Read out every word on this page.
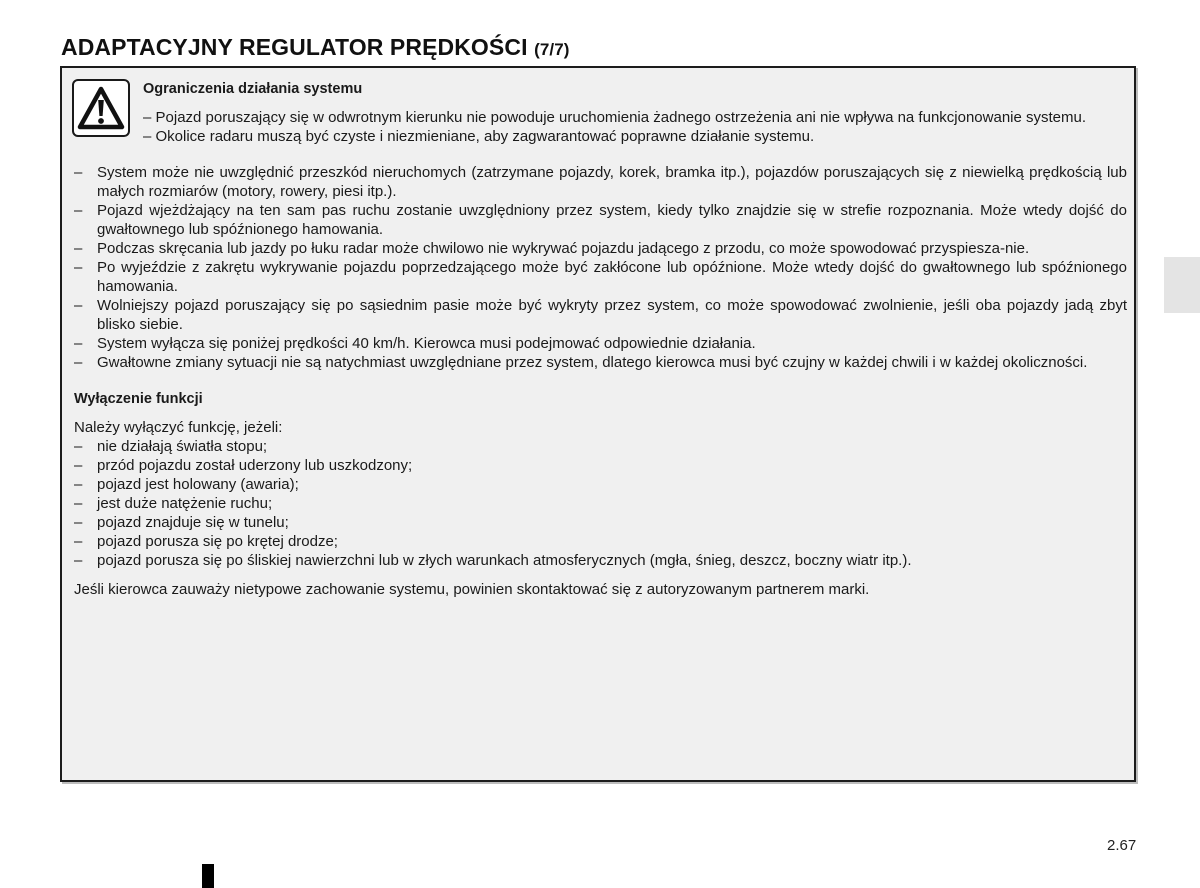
ADAPTACYJNY REGULATOR PRĘDKOŚCI (7/7)
Ograniczenia działania systemu

– Pojazd poruszający się w odwrotnym kierunku nie powoduje uruchomienia żadnego ostrzeżenia ani nie wpływa na funkcjonowanie systemu.

– Okolice radaru muszą być czyste i niezmieniane, aby zagwarantować poprawne działanie systemu.

– System może nie uwzględnić przeszkód nieruchomych (zatrzymane pojazdy, korek, bramka itp.), pojazdów poruszających się z niewielką prędkością lub małych rozmiarów (motory, rowery, piesi itp.).
– Pojazd wjeżdżający na ten sam pas ruchu zostanie uwzględniony przez system, kiedy tylko znajdzie się w strefie rozpoznania. Może wtedy dojść do gwałtownego lub spóźnionego hamowania.
– Podczas skręcania lub jazdy po łuku radar może chwilowo nie wykrywać pojazdu jadącego z przodu, co może spowodować przyspiesza-nie.
– Po wyjeździe z zakrętu wykrywanie pojazdu poprzedzającego może być zakłócone lub opóźnione. Może wtedy dojść do gwałtownego lub spóźnionego hamowania.
– Wolniejszy pojazd poruszający się po sąsiednim pasie może być wykryty przez system, co może spowodować zwolnienie, jeśli oba pojazdy jadą zbyt blisko siebie.
– System wyłącza się poniżej prędkości 40 km/h. Kierowca musi podejmować odpowiednie działania.
– Gwałtowne zmiany sytuacji nie są natychmiast uwzględniane przez system, dlatego kierowca musi być czujny w każdej chwili i w każdej okoliczności.
Wyłączenie funkcji

Należy wyłączyć funkcję, jeżeli:

– nie działają światła stopu;
– przód pojazdu został uderzony lub uszkodzony;
– pojazd jest holowany (awaria);
– jest duże natężenie ruchu;
– pojazd znajduje się w tunelu;
– pojazd porusza się po krętej drodze;
– pojazd porusza się po śliskiej nawierzchni lub w złych warunkach atmosferycznych (mgła, śnieg, deszcz, boczny wiatr itp.).

Jeśli kierowca zauważy nietypowe zachowanie systemu, powinien skontaktować się z autoryzowanym partnerem marki.

2.67
